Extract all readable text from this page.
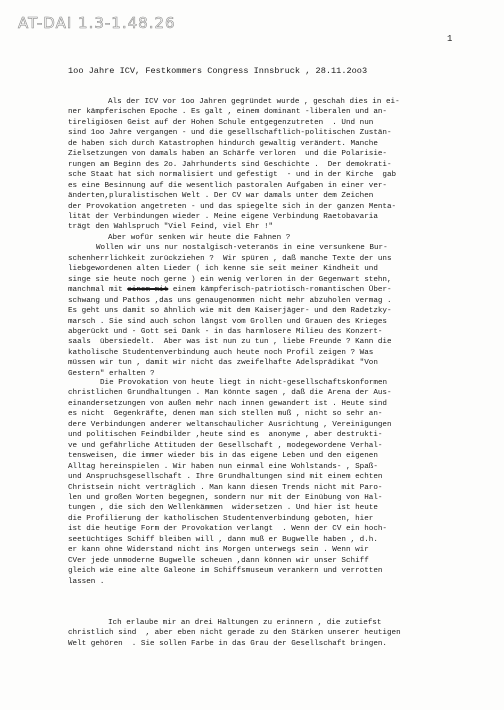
AT-DAI 1.3-1.48.26
1
1oo Jahre ICV, Festkommers Congress Innsbruck , 28.11.2oo3
Als der ICV vor 1oo Jahren gegründet wurde , geschah dies in ei-
ner kämpferischen Epoche . Es galt , einem dominant -liberalen und an-
tireligiösen Geist auf der Hohen Schule entgegenzutreten  . Und nun
sind 1oo Jahre vergangen - und die gesellschaftlich-politischen Zustän-
de haben sich durch Katastrophen hindurch gewaltig verändert. Manche
Zielsetzungen von damals haben an Schärfe verloren  und die Polarisie-
rungen am Beginn des 2o. Jahrhunderts sind Geschichte .  Der demokrati-
sche Staat hat sich normalisiert und gefestigt  - und in der Kirche  gab
es eine Besinnung auf die wesentlich pastoralen Aufgaben in einer ver-
änderten,pluralistischen Welt . Der CV war damals unter dem Zeichen
der Provokation angetreten - und das spiegelte sich in der ganzen Menta-
lität der Verbindungen wieder . Meine eigene Verbindung Raetobavaria
trägt den Wahlspruch "Viel Feind, viel Ehr !"
Aber wofür senken wir heute die Fahnen ?
Wollen wir uns nur nostalgisch-veteranös in eine versunkene Bur-
schenherrlichkeit zurückziehen ?  Wir spüren , daß manche Texte der uns
liebgewordenen alten Lieder ( ich kenne sie seit meiner Kindheit und
singe sie heute noch gerne ) ein wenig verloren in der Gegenwart stehn,
manchmal mit einem mit einem kämpferisch-patriotisch-romantischen Über-
schwang und Pathos ,das uns genaugenommen nicht mehr abzuholen vermag .
Es geht uns damit so ähnlich wie mit dem Kaiserjäger- und dem Radetzky-
marsch . Sie sind auch schon längst vom Grollen und Grauen des Krieges
abgerückt und - Gott sei Dank - in das harmlosere Milieu des Konzert-
saals  übersiedelt.  Aber was ist nun zu tun , liebe Freunde ? Kann die
katholische Studentenverbindung auch heute noch Profil zeigen ? Was
müssen wir tun , damit wir nicht das zweifelhafte Adelsprädikat "Von
Gestern" erhalten ?
Die Provokation von heute liegt in nicht-gesellschaftskonformen
christlichen Grundhaltungen . Man könnte sagen , daß die Arena der Aus-
einandersetzungen von außen mehr nach innen gewandert ist . Heute sind
es nicht  Gegenkräfte, denen man sich stellen muß , nicht so sehr an-
dere Verbindungen anderer weltanschaulicher Ausrichtung , Vereinigungen
und politischen Feindbilder ,heute sind es  anonyme , aber destrukti-
ve und gefährliche Attituden der Gesellschaft , modegewordene Verhal-
tensweisen, die immer wieder bis in das eigene Leben und den eigenen
Alltag hereinspielen . Wir haben nun einmal eine Wohlstands- , Spaß-
und Anspruchsgesellschaft . Ihre Grundhaltungen sind mit einem echten
Christsein nicht verträglich . Man kann diesen Trends nicht mit Paro-
len und großen Worten begegnen, sondern nur mit der Einübung von Hal-
tungen , die sich den Wellenkämmen  widersetzen . Und hier ist heute
die Profilierung der katholischen Studentenverbindung geboten, hier
ist die heutige Form der Provokation verlangt  . Wenn der CV ein hoch-
seetüchtiges Schiff bleiben will , dann muß er Bugwelle haben , d.h.
er kann ohne Widerstand nicht ins Morgen unterwegs sein . Wenn wir
CVer jede unmoderne Bugwelle scheuen ,dann können wir unser Schiff
gleich wie eine alte Galeone im Schiffsmuseum verankern und verrotten
lassen .
Ich erlaube mir an drei Haltungen zu erinnern , die zutiefst
christlich sind  , aber eben nicht gerade zu den Stärken unserer heutigen
Welt gehören  . Sie sollen Farbe in das Grau der Gesellschaft bringen.
